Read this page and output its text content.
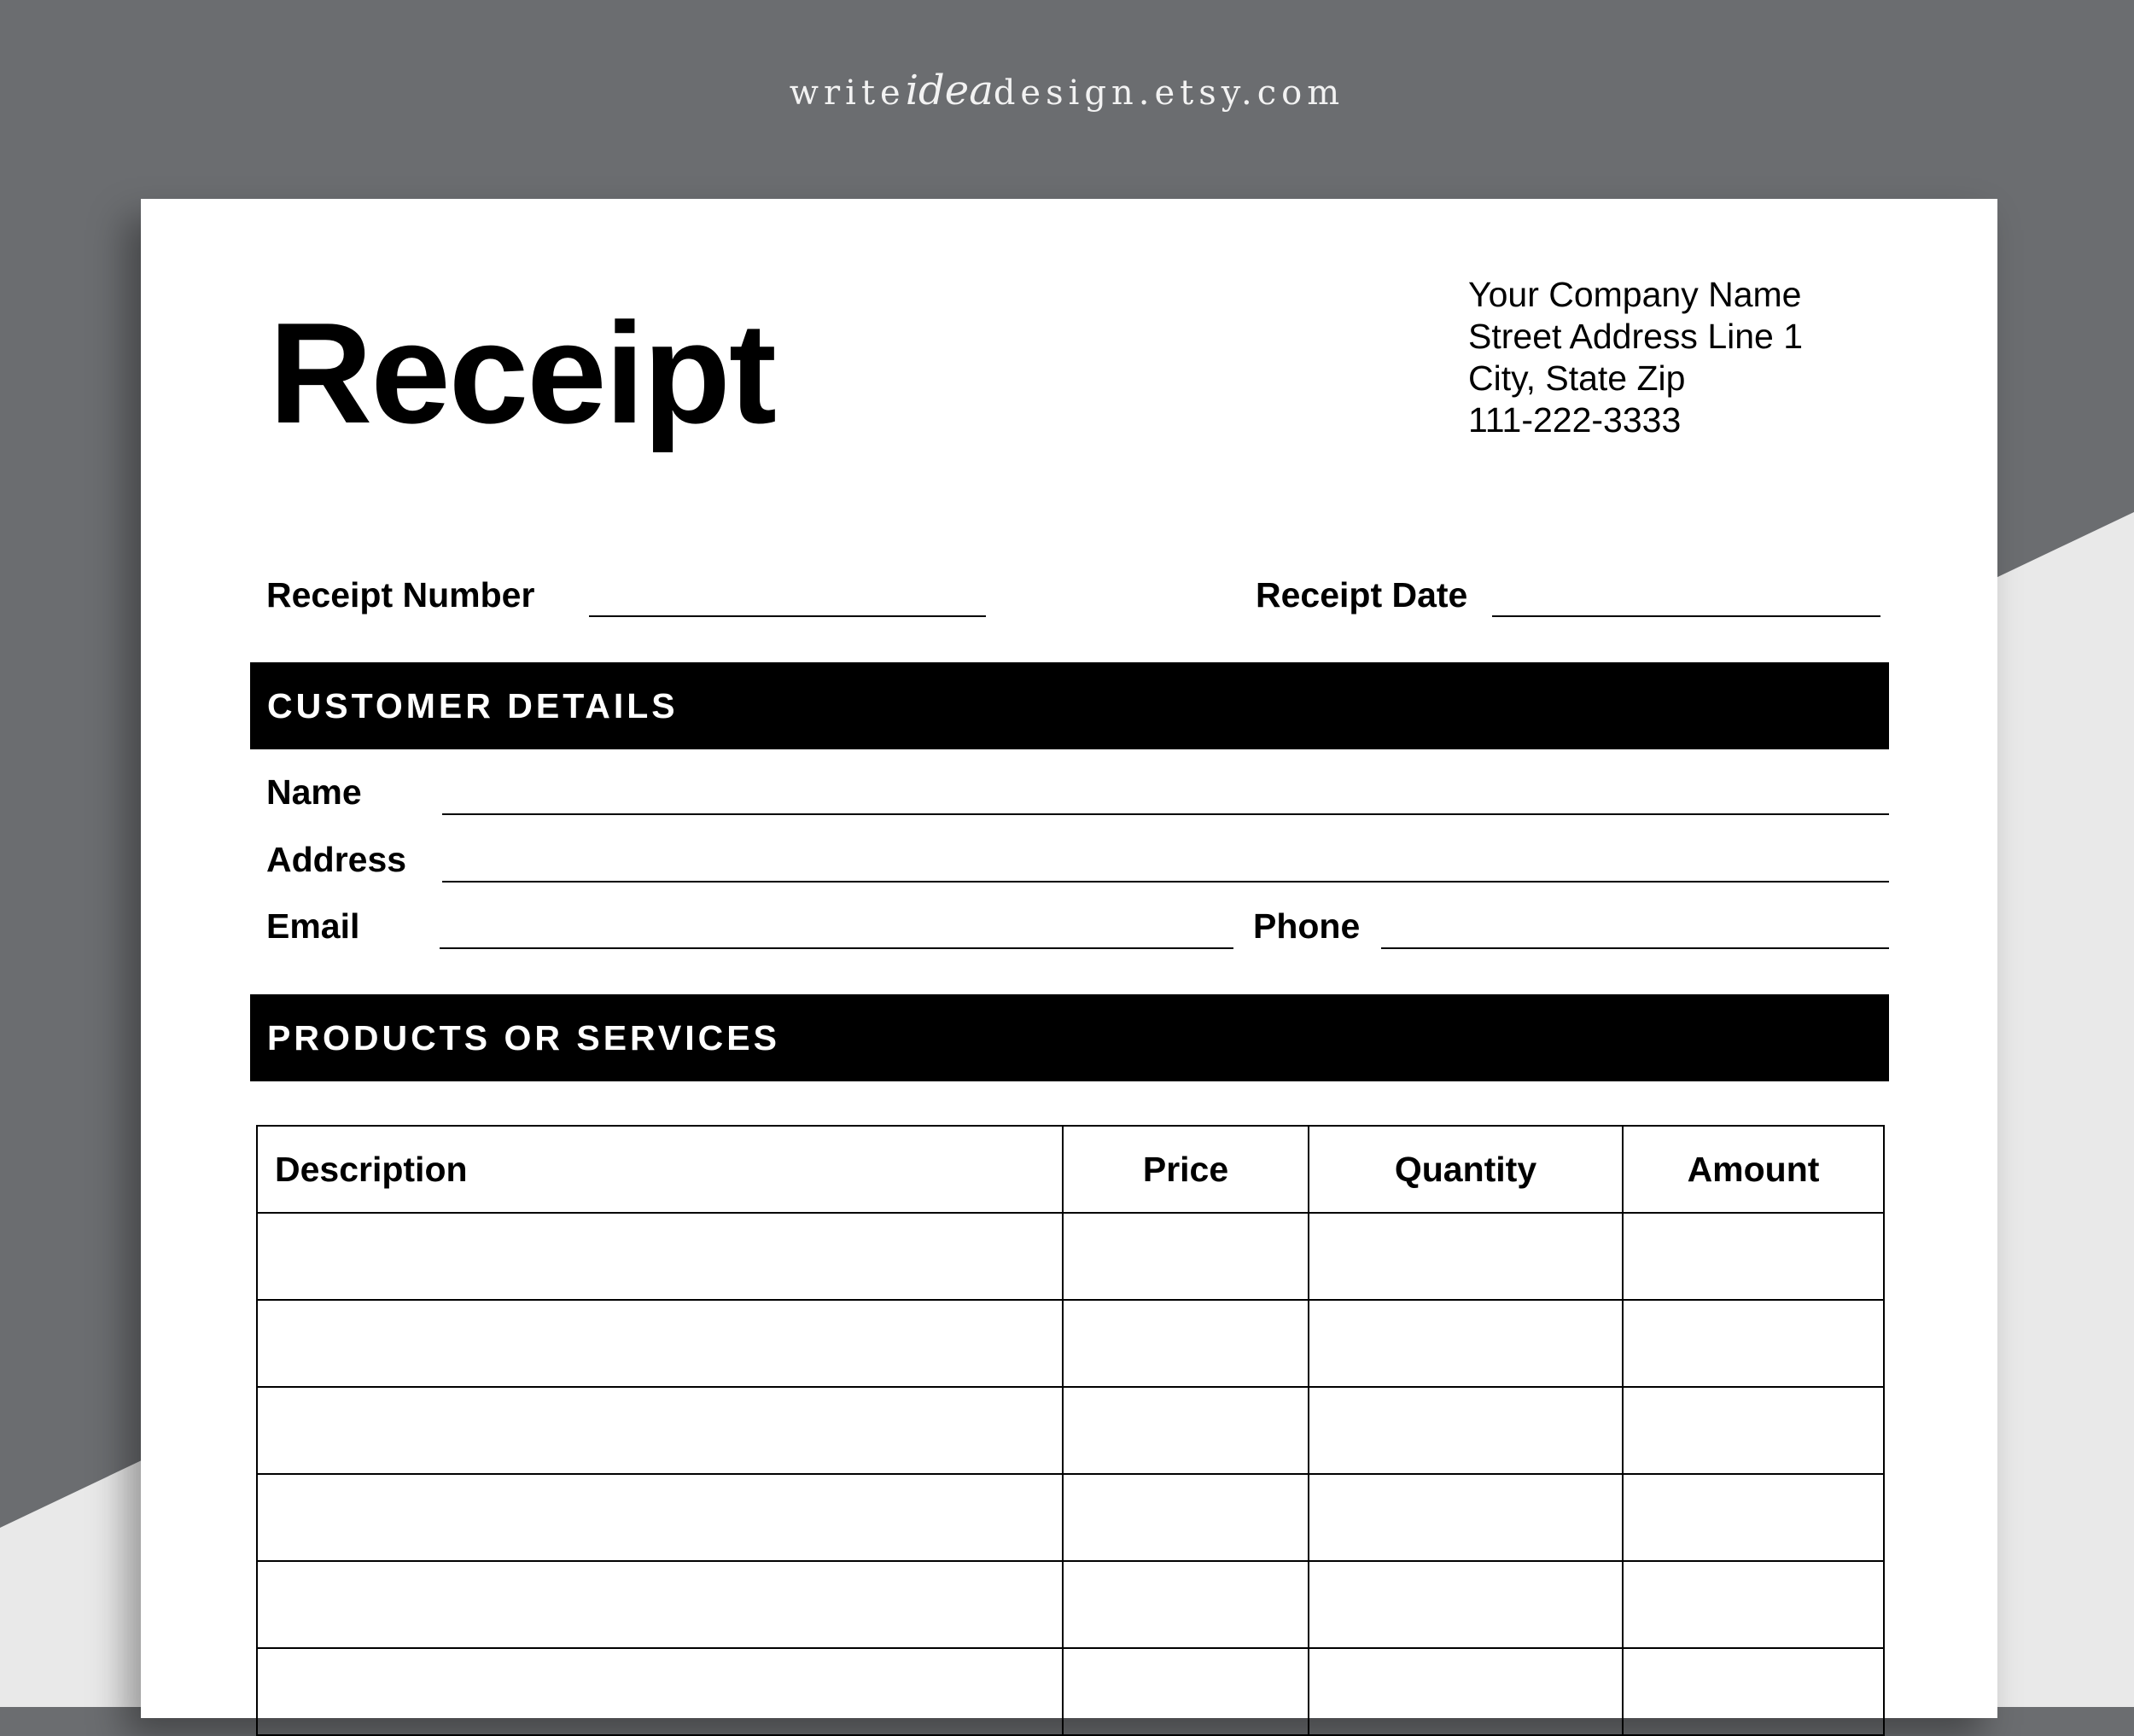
writeideadesign.etsy.com
Receipt	Your Company Name
Street Address Line 1
City, State Zip
111-222-3333
Receipt Number	Receipt Date
CUSTOMER DETAILS
Name
Address
Email	Phone
PRODUCTS OR SERVICES
Description	Price	Quantity	Amount
